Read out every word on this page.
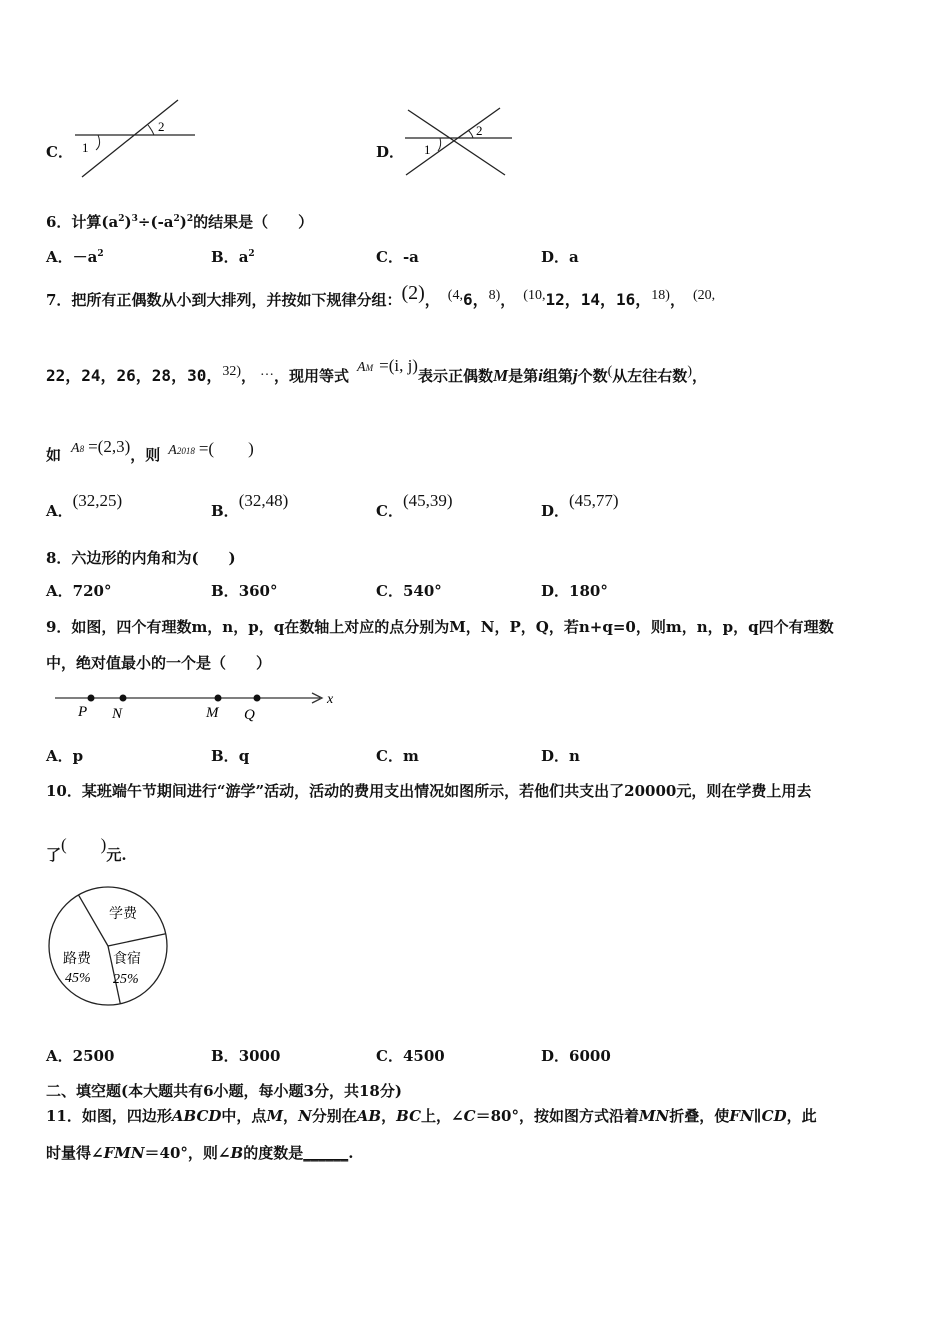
C． 1
2
D． 1
2
6．计算$(a^2)^3\div(-a^2)^2$的结果是（　　）
A．$-a^2$	B．$a^2$	C．-a	D．a
7．把所有正偶数从小到大排列，并按如下规律分组：(2)， (4,6，8)， (10,12，14，16，18)， (20,
22，24，26，28，30，32)， …，现用等式 AM =(i, j)表示正偶数M是第i组第j个数(从左往右数)，
如 A8 =(2,3)，则 A2018 =(　　)
A．(32,25)
B．(32,48)
C．(45,39)
D．(45,77)
8．六边形的内角和为(　　)
A．720°	B．360°	C．540°	D．180°
9．如图，四个有理数m，n，p，q在数轴上对应的点分别为M，N，P，Q，若n+q=0，则m，n，p，q四个有理数
中，绝对值最小的一个是（　　）
P N	M Q
x
A．p	B．q	C．m	D．n
10．某班端午节期间进行“游学”活动，活动的费用支出情况如图所示，若他们共支出了20000元，则在学费上用去
了(　　)元.
学费
路费
45%
食宿
25%
A．2500	B．3000	C．4500	D．6000
二、填空题(本大题共有6小题，每小题3分，共18分)
11．如图，四边形ABCD中，点M，N分别在AB，BC上，∠C＝80°，按如图方式沿着MN折叠，使FN∥CD，此
时量得∠FMN＝40°，则∠B的度数是______.
